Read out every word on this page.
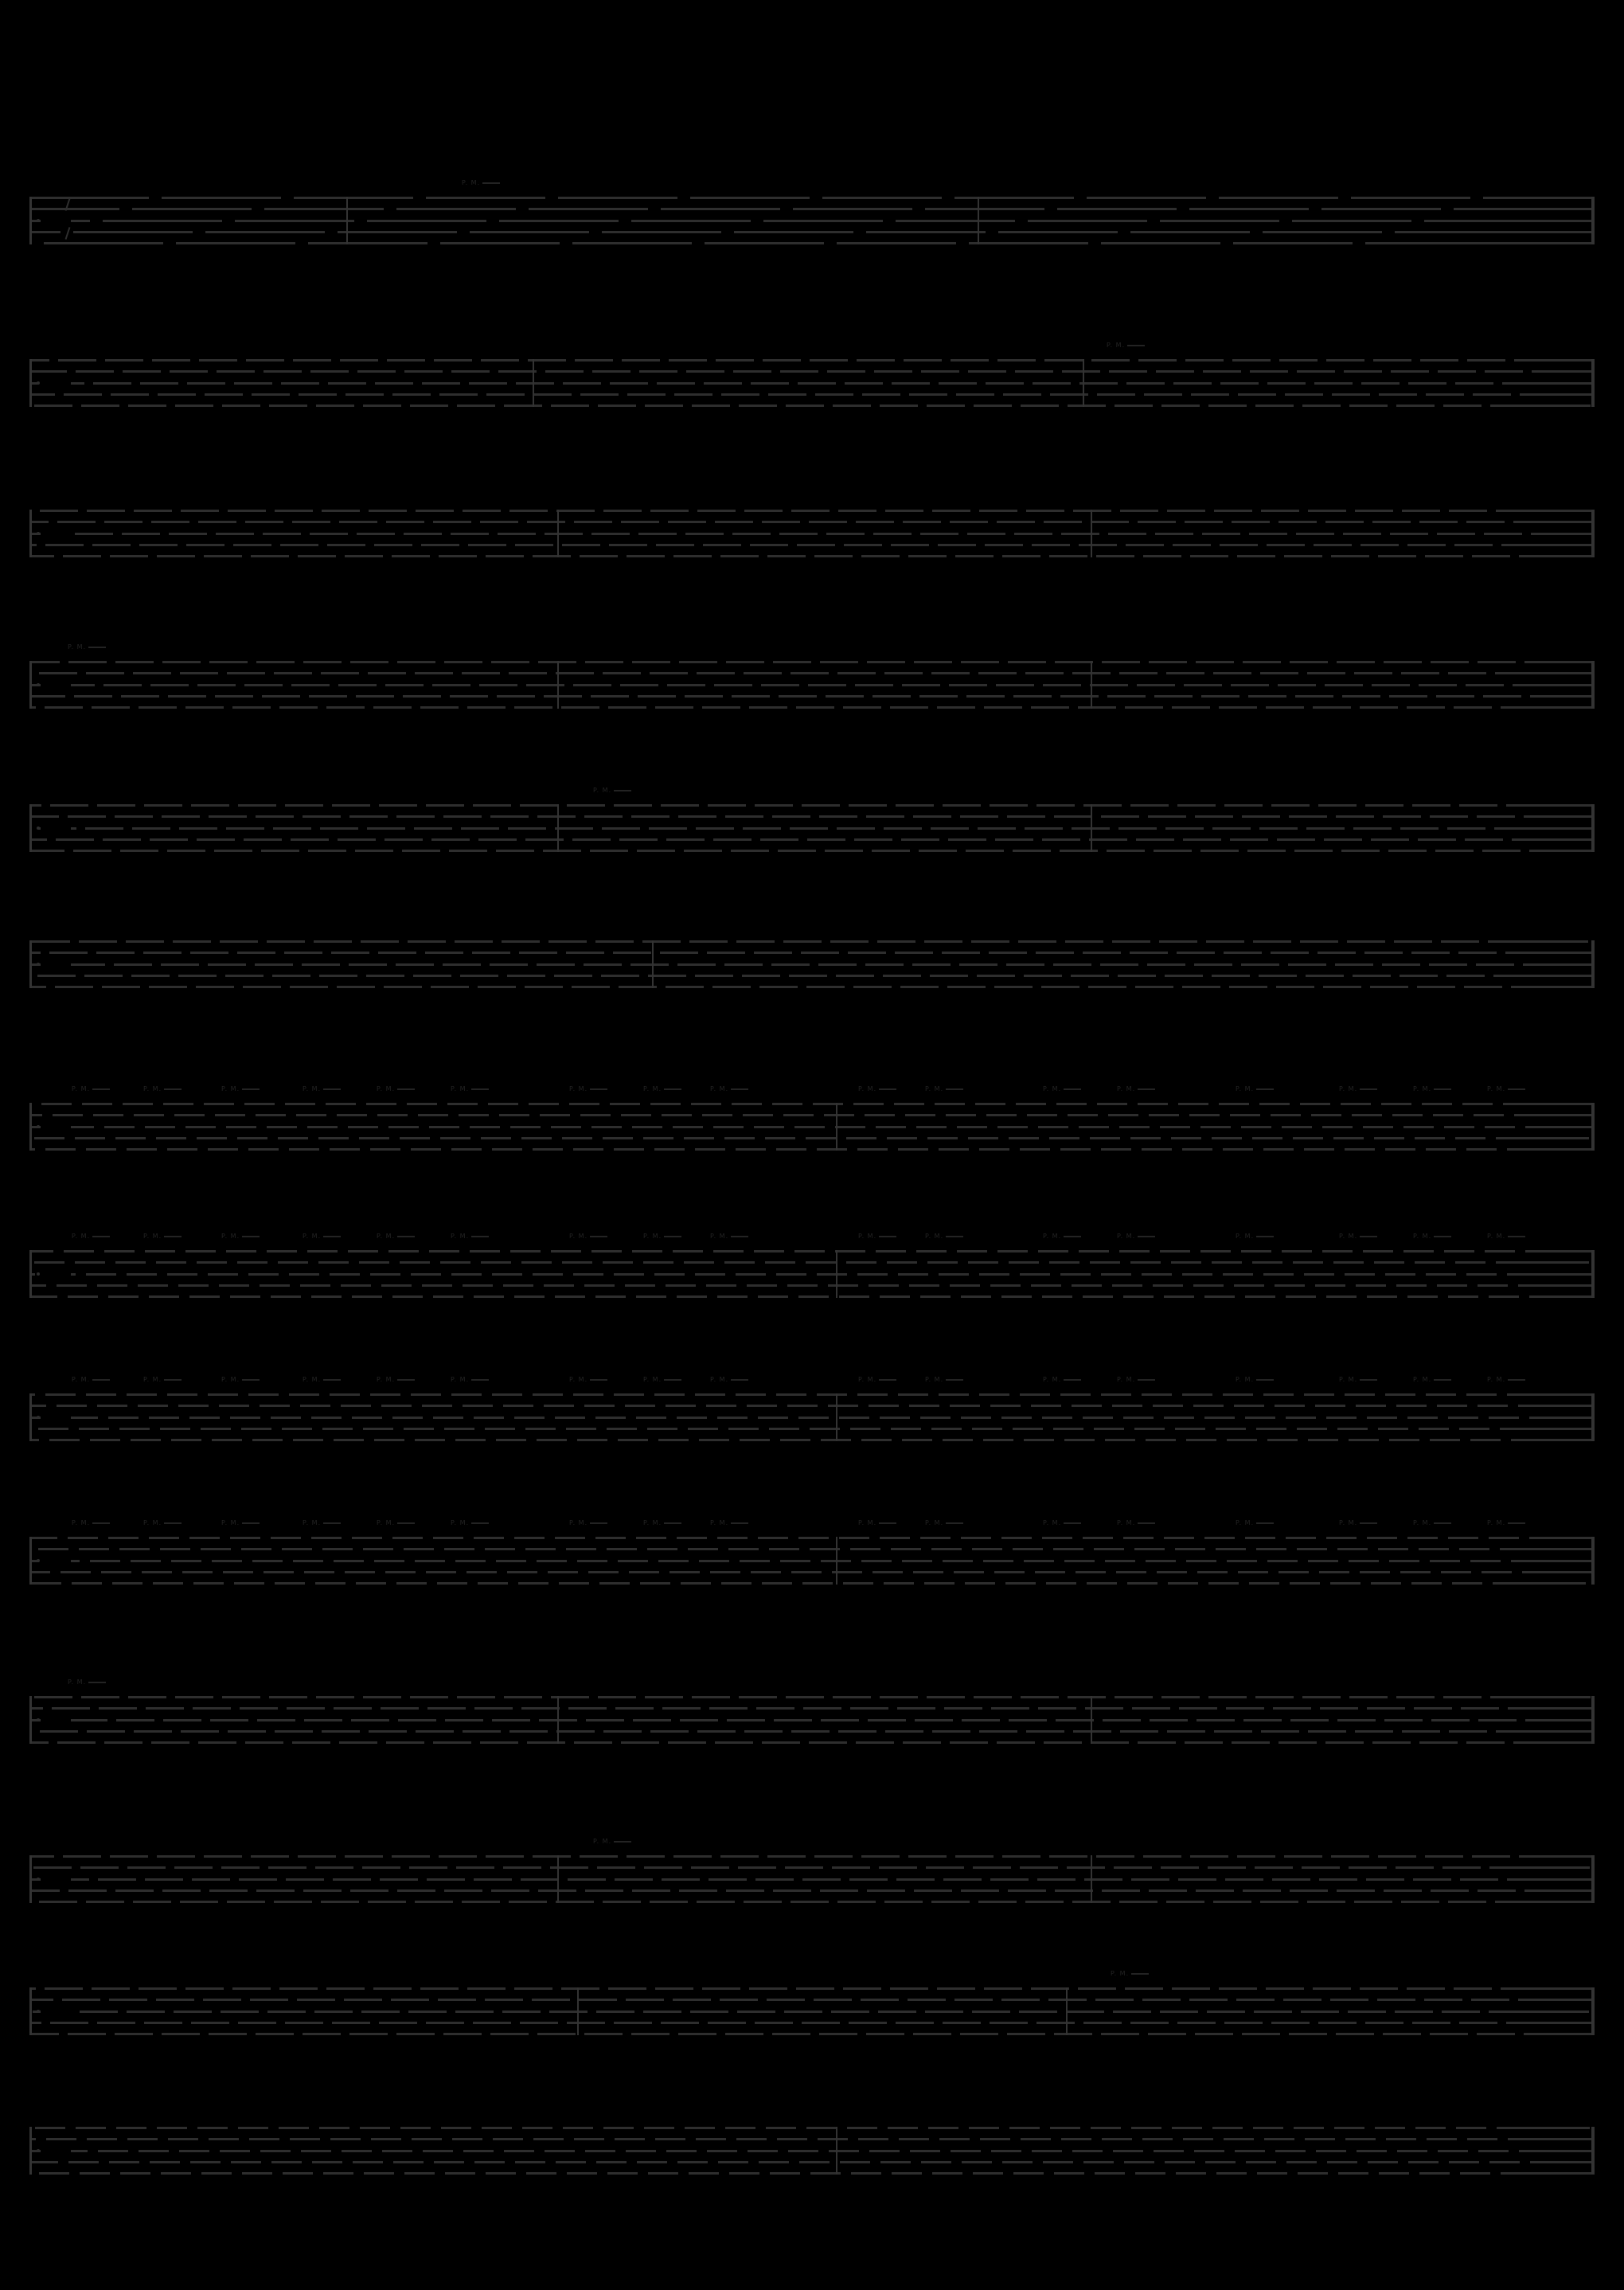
P. M.
P. M.
P. M.
P. M.
P. M.	P. M.	P. M.	P. M.	P. M.	P. M.	P. M.	P. M.	P. M.	P. M.	P. M.	P. M.	P. M.	P. M.	P. M.	P. M.	P. M.
P. M.	P. M.	P. M.	P. M.	P. M.	P. M.	P. M.	P. M.	P. M.	P. M.	P. M.	P. M.	P. M.	P. M.	P. M.	P. M.	P. M.
P. M.	P. M.	P. M.	P. M.	P. M.	P. M.	P. M.	P. M.	P. M.	P. M.	P. M.	P. M.	P. M.	P. M.	P. M.	P. M.	P. M.
P. M.	P. M.	P. M.	P. M.	P. M.	P. M.	P. M.	P. M.	P. M.	P. M.	P. M.	P. M.	P. M.	P. M.	P. M.	P. M.	P. M.
P. M.
P. M.
P. M.
